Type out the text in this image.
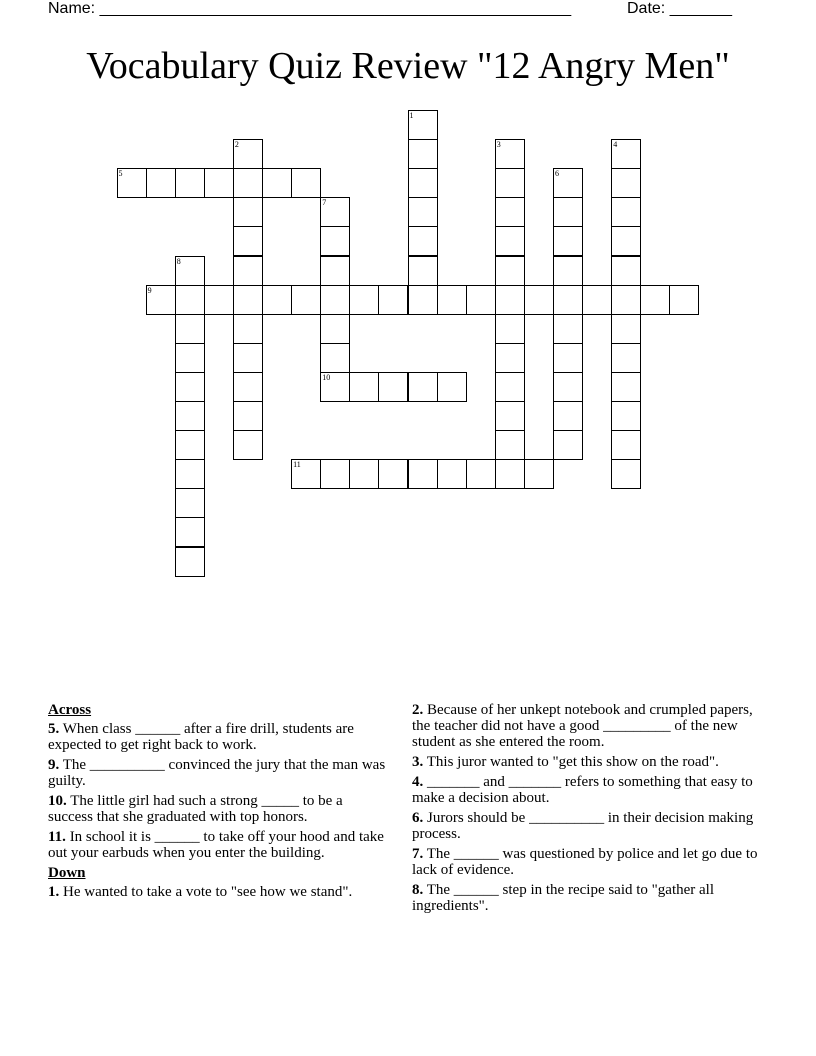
Name: _____________________________________________________	Date: _______
Vocabulary Quiz Review "12 Angry Men"
1
2	3	4
5	6
7
10
8
9
11
Across
5. When class ______ after a fire drill, students are expected to get right back to work.
9. The __________ convinced the jury that the man was guilty.
10. The little girl had such a strong _____ to be a success that she graduated with top honors.
11. In school it is ______ to take off your hood and take out your earbuds when you enter the building.
Down
1. He wanted to take a vote to "see how we stand".
2. Because of her unkept notebook and crumpled papers, the teacher did not have a good _________ of the new student as she entered the room.
3. This juror wanted to "get this show on the road".
4. _______ and _______ refers to something that easy to make a decision about.
6. Jurors should be __________ in their decision making process.
7. The ______ was questioned by police and let go due to lack of evidence.
8. The ______ step in the recipe said to "gather all ingredients".
